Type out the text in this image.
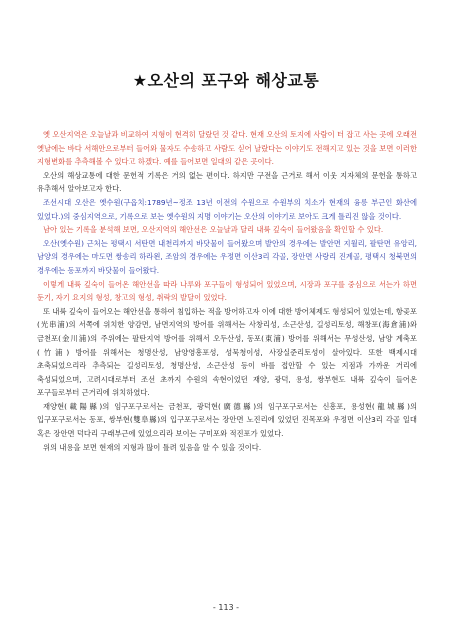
★오산의 포구와 해상교통

옛 오산지역은 오늘날과 비교하여 지형이 현격히 달랐던 것 같다. 현재 오산의 토지에 사람이 터 잡고 사는 곳에 오래전 옛날에는 바다 서해안으로부터 들어와 물자도 수송하고 사람도 싣어 날랐다는 이야기도 전해지고 있는 것을 보면 이러한 지형변화를 추측해볼 수 있다고 하겠다. 예를 들어보면 일대의 같은 곳이다.

오산의 해상교통에 대한 문헌적 기록은 거의 없는 편이다. 하지만 구전을 근거로 해서 이웃 지자체의 문헌을 통하고 유추해서 알아보고자 한다.

조선시대 오산은 옛수원(구읍치:1789년~정조 13년 이전의 수원으로 수원부의 치소가 현재의 융릉 부근인 화산에 있었다.)의 중심지역으로, 기록으로 보는 옛수원의 지명 이야기는 오산의 이야기로 보아도 크게 틀리진 않을 것이다.

남아 있는 기록을 분석해 보면, 오산지역의 해안선은 오늘날과 달리 내륙 깊숙이 들어왔음을 확인할 수 있다.

오산(옛수원) 근처는 평택시 서탄면 내천리까지 바닷물이 들어왔으며 발안의 경우에는 발안면 지월리, 팔탄면 유앙리, 남양의 경우에는 마도면 쌍송리 하라왼, 조암의 경우에는 우정면 이산3리 각골, 장안면 사랑리 진계골, 평택시 청북면의 경우에는 동포까지 바닷물이 들어왔다.

이렇게 내륙 깊숙이 들어온 해안선을 따라 나루와 포구들이 형성되어 있었으며, 시장과 포구를 중심으로 서는가 하면 둔기, 자기 요지의 형성, 창고의 형성, 취락의 발달이 있었다.

또 내륙 깊숙이 들어오는 해안선을 통하여 침입하는 적을 방어하고자 이에 대한 방어체제도 형성되어 있었는데, 항곶포(光串浦)의 서쪽에 위치한 양감면, 남면지역의 방어를 위해서는 사창리성, 소근산성, 길성리토성, 해창포(海倉浦)와 금천포(金川浦)의 주위에는 팔탄지역 방어를 위해서 오두산성, 동포(東浦) 방어를 위해서는 무성산성, 남양 계축포(竹浦) 방어를 위해서는 청명산성, 남양영흥포성, 성묵청이성, 사장실준리토성이 살아있다. 또한 백제시대 초축되었으리라 추측되는 길성리토성, 청명산성, 소근산성 등이 바를 접안할 수 있는 지점과 가까운 거리에 축성되었으며, 고려시대로부터 조선 초까지 수원의 속현이었던 재양, 광덕, 용성, 쌍부현도 내륙 깊숙이 들어온 포구들로부터 근거리에 위치하였다.

재양현(載陽縣)의 임구포구로서는 금천포, 광덕현(廣德縣)의 임구포구로서는 신흥포, 용성현(龍城縣)의 입구포구로서는 동포, 쌍부현(雙阜縣)의 입구포구로서는 장안면 노진리에 있었던 진목포와 우정면 이산3리 각골 일대 혹은 장안면 덕다리 구래부근에 있었으리라 보이는 구미포와 적진포가 있었다.

위의 내용을 보면 현재의 지형과 많이 틀려 있음을 알 수 있을 것이다.

- 113 -
